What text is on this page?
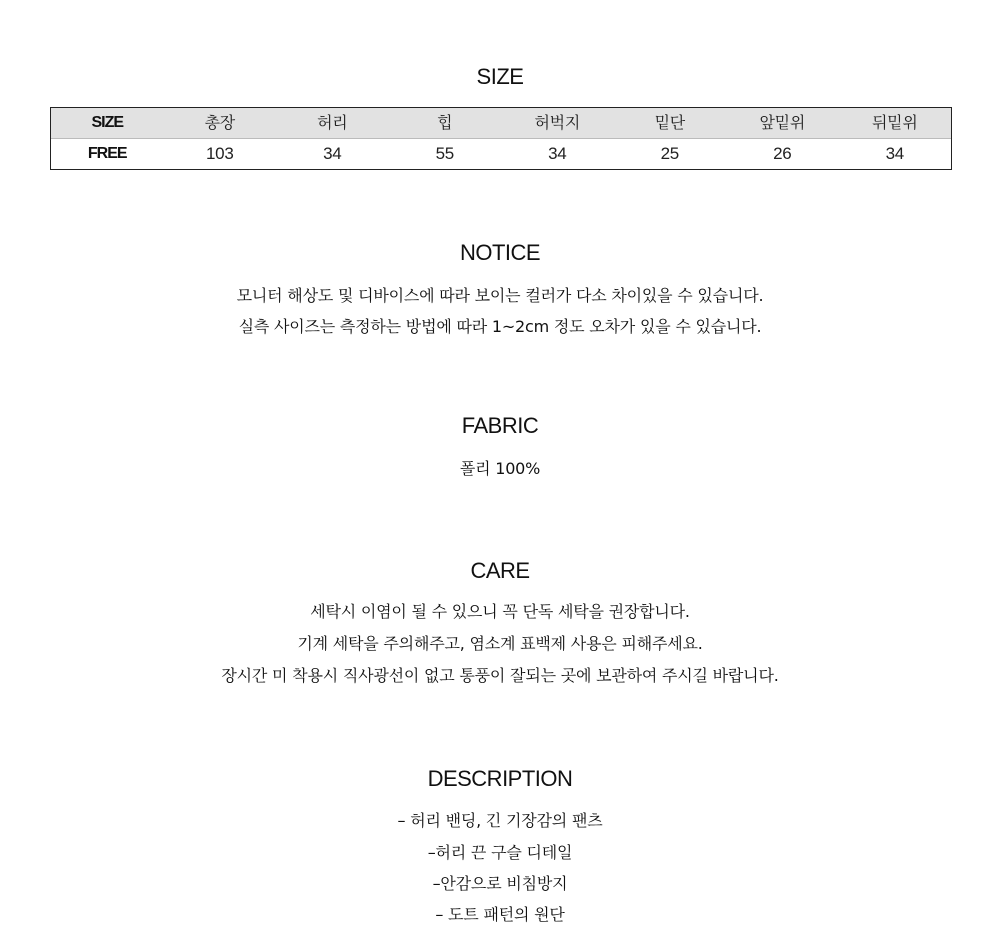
SIZE
SIZE	총장	허리	힙	허벅지	밑단	앞밑위	뒤밑위
FREE	103	34	55	34	25	26	34
NOTICE
모니터 해상도 및 디바이스에 따라 보이는 컬러가 다소 차이있을 수 있습니다.
실측 사이즈는 측정하는 방법에 따라 1~2cm 정도 오차가 있을 수 있습니다.
FABRIC
폴리 100%
CARE
세탁시 이염이 될 수 있으니 꼭 단독 세탁을 권장합니다.
기계 세탁을 주의해주고, 염소계 표백제 사용은 피해주세요.
장시간 미 착용시 직사광선이 없고 통풍이 잘되는 곳에 보관하여 주시길 바랍니다.
DESCRIPTION
– 허리 밴딩, 긴 기장감의 팬츠
–허리 끈 구슬 디테일
–안감으로 비침방지
– 도트 패턴의 원단
